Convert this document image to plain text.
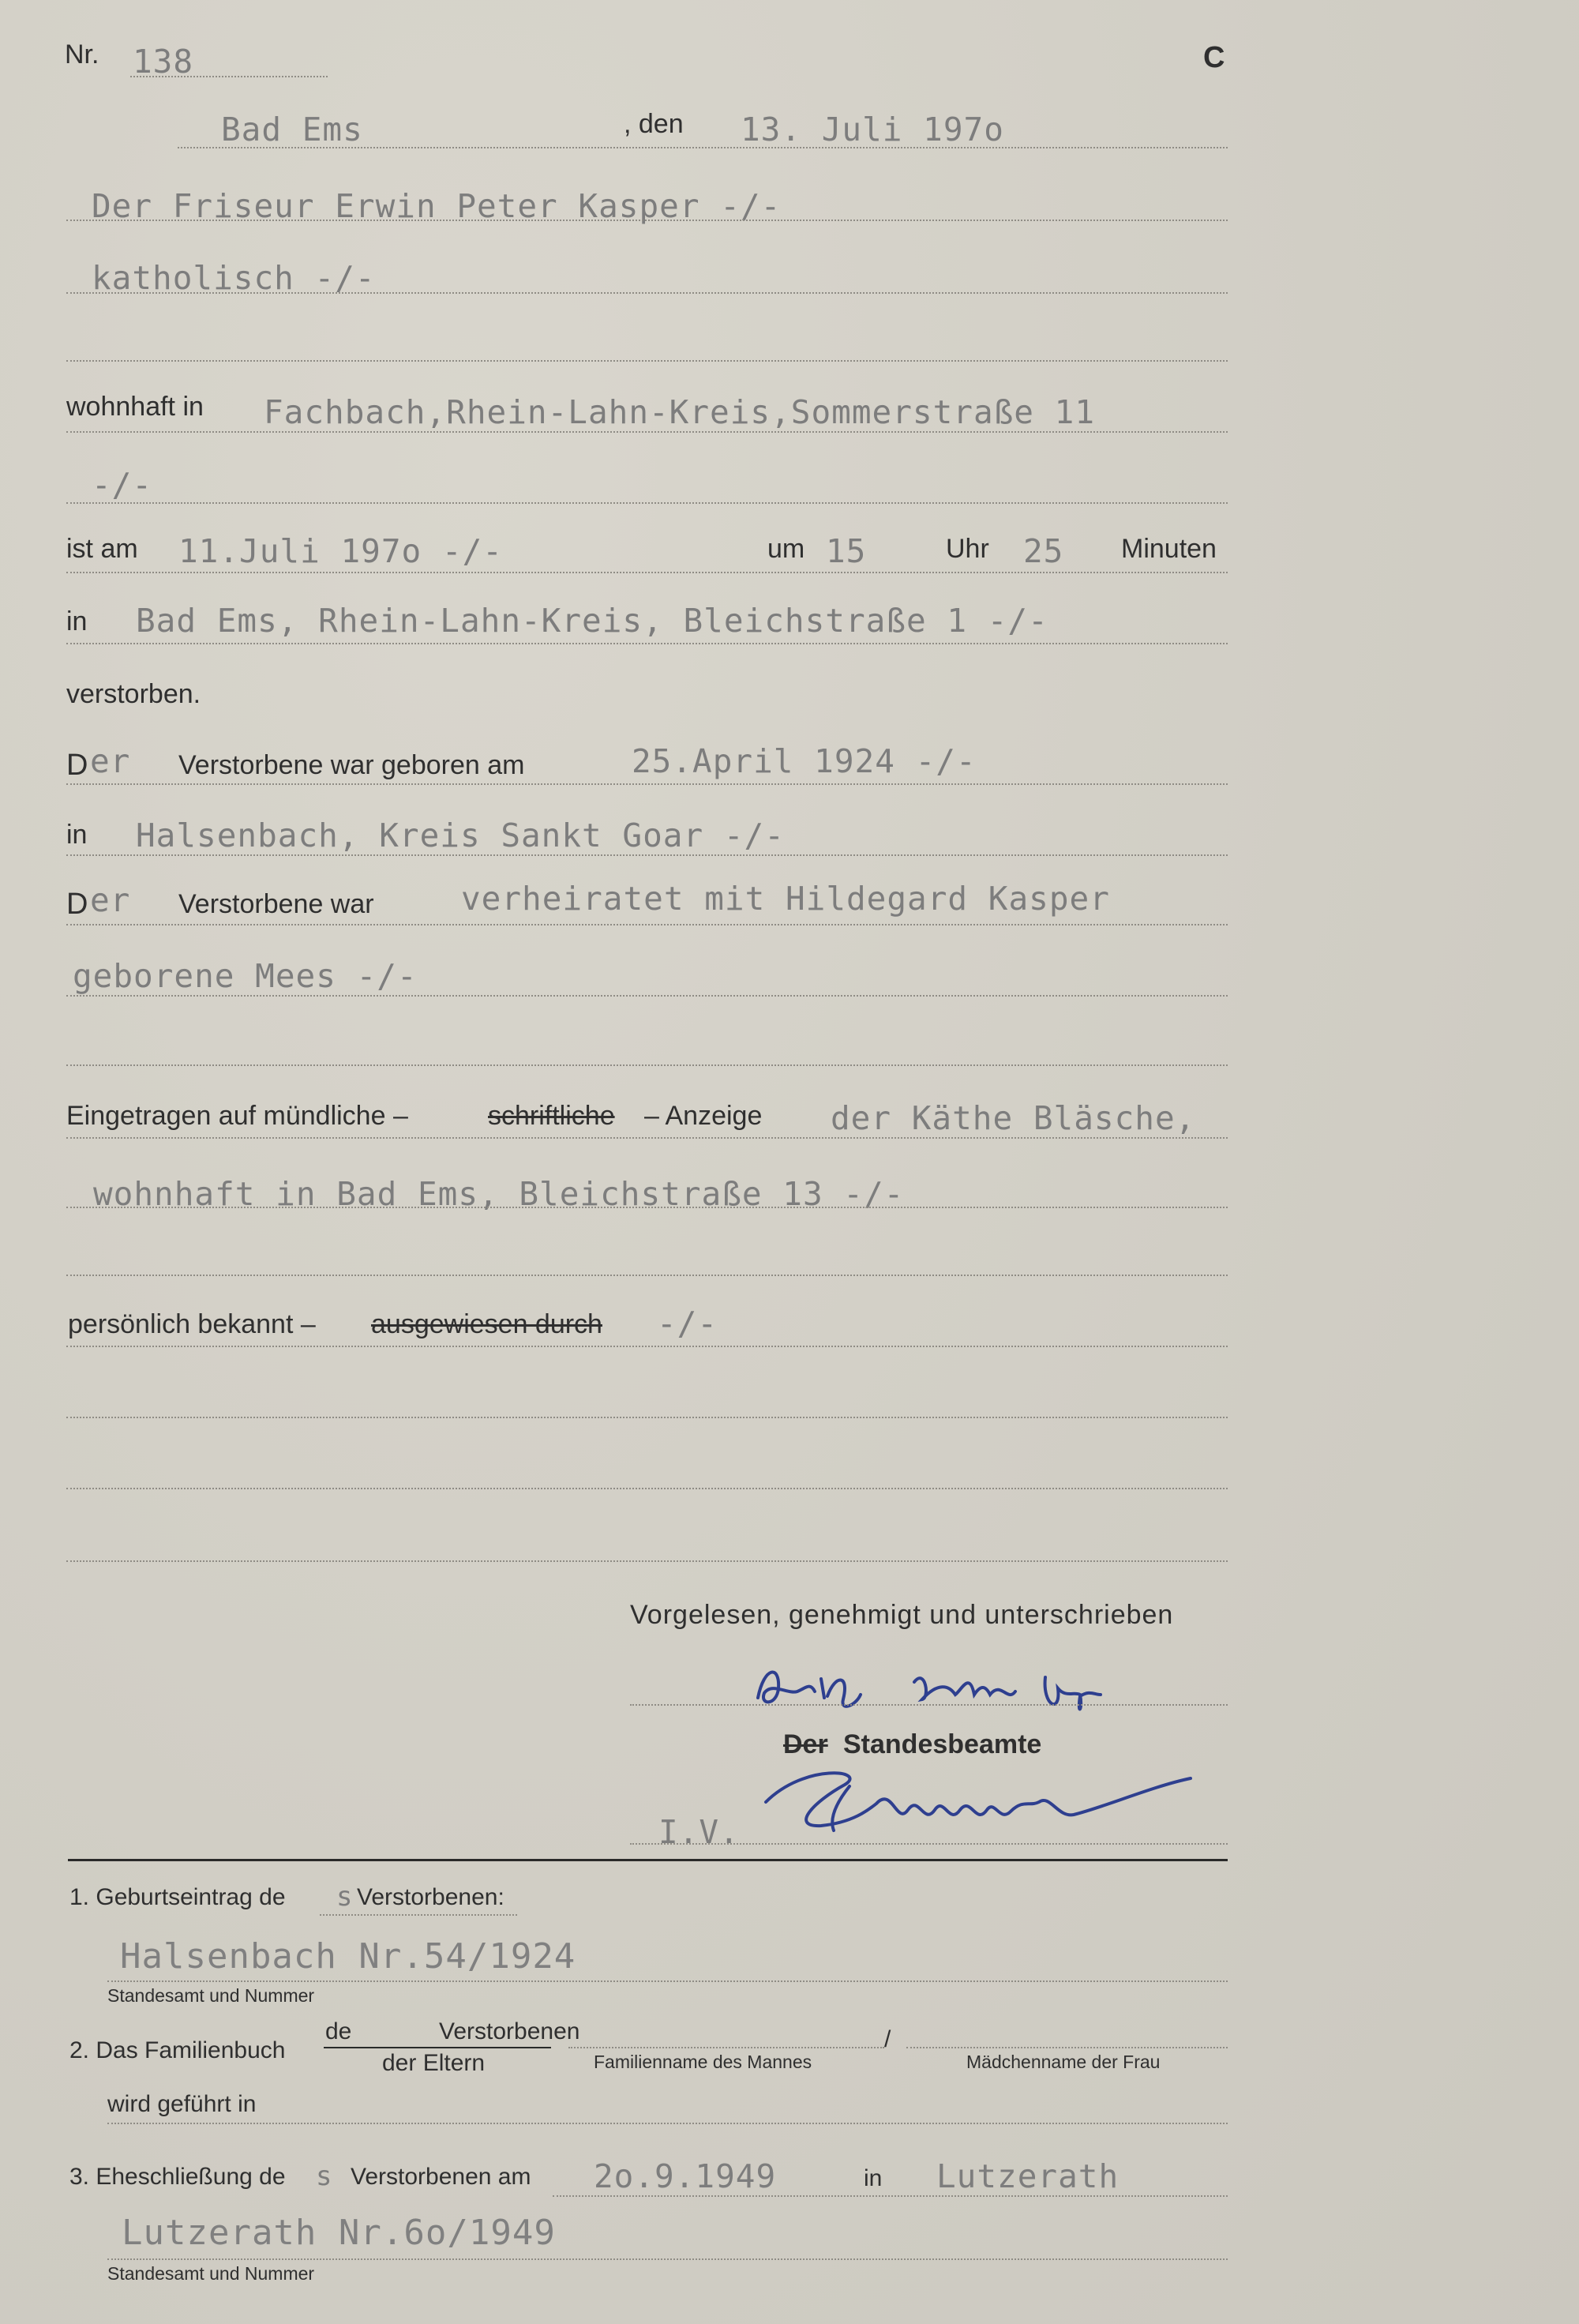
Nr. 138	C
Bad Ems	, den 13. Juli 197o
Der Friseur Erwin Peter Kasper -/-
katholisch -/-
wohnhaft in Fachbach,Rhein-Lahn-Kreis,Sommerstraße 11
-/-
ist am 11.Juli 197o -/-	um 15	Uhr 25 Minuten
in Bad Ems, Rhein-Lahn-Kreis, Bleichstraße 1 -/-
verstorben.
D er Verstorbene war geboren am	25.April 1924 -/-
in Halsenbach, Kreis Sankt Goar -/-
D er Verstorbene war	verheiratet mit Hildegard Kasper
geborene Mees -/-
Eingetragen auf mündliche –	schriftliche – Anzeige der Käthe Bläsche,
wohnhaft in Bad Ems, Bleichstraße 13 -/-
persönlich bekannt – ausgewiesen durch -/-
Vorgelesen, genehmigt und unterschrieben
Der Standesbeamte
I.V.
1. Geburtseintrag de s Verstorbenen:
Halsenbach Nr.54/1924
Standesamt und Nummer
2. Das Familienbuch
de	Verstorbenen
der Eltern	Familienname des Mannes
/
Mädchenname der Frau
wird geführt in
3. Eheschließung de s Verstorbenen am 2o.9.1949	in Lutzerath
Lutzerath Nr.6o/1949
Standesamt und Nummer
